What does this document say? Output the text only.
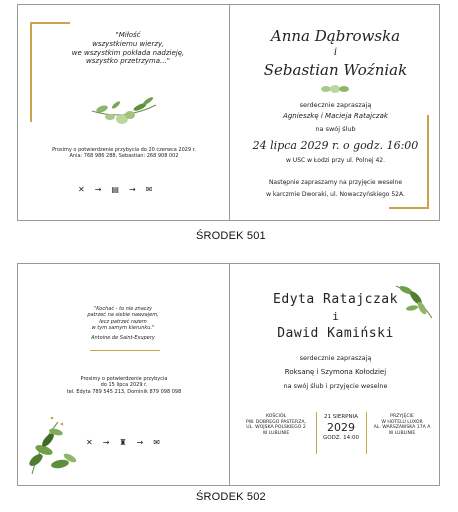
"Miłość
wszystkiemu wierzy,
we wszystkim pokłada nadzieję,
wszystko przetrzyma..."
Prosimy o potwierdzenie przybycia do 20 czerwca 2029 r.
Ania: 768 986 288, Sebastian: 268 908 002
✕ → ▤ → ✉
Anna Dąbrowska
i
Sebastian Woźniak
serdecznie zapraszają
Agnieszkę i Macieja Ratajczak
na swój ślub
24 lipca 2029 r. o godz. 16:00
w USC w Łodzi przy ul. Polnej 42.
Następnie zapraszamy na przyjęcie weselne
w karczmie Dworaki, ul. Nowaczyńskiego 52A.
ŚRODEK 501
"Kochać - to nie znaczy
patrzeć na siebie nawzajem,
lecz patrzeć razem
w tym samym kierunku."
Antoine de Saint-Exupery
Prosimy o potwierdzenie przybycia
do 15 lipca 2029 r.
tel. Edyta 789 545 213, Dominik 879 098 098
✕ → ♜ → ✉
Edyta Ratajczak
i
Dawid Kamiński
serdecznie zapraszają
Roksanę i Szymona Kołodziej
na swój ślub i przyjęcie weselne
KOŚCIÓŁ
PW. DOBREGO PASTERZA,
UL. WOJSKA POLSKIEGO 2
W LUBLINIE
21 SIERPNIA
2029
GODZ. 14:00
PRZYJĘCIE
W HOTELU LUXOR
AL. WARSZAWSKA 17A A
W LUBLINIE
ŚRODEK 502
